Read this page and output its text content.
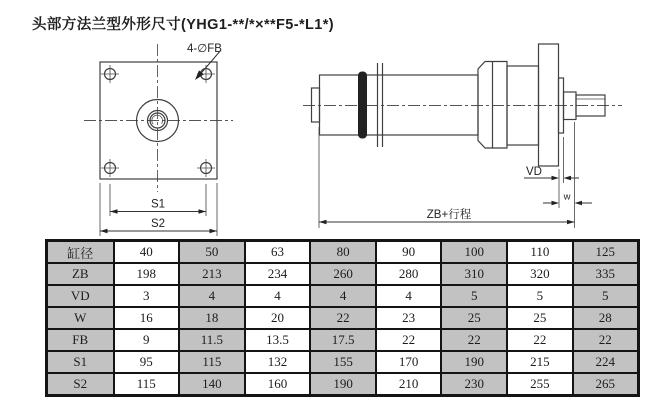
头部方法兰型外形尺寸(YHG1-**/*×**F5-*L1*)
4-∅FB
S1
S2
VD
w
ZB+行程
缸径	40	50	63	80	90	100	110	125
ZB	198	213	234	260	280	310	320	335
VD	3	4	4	4	4	5	5	5
W	16	18	20	22	23	25	25	28
FB	9	11.5	13.5	17.5	22	22	22	22
S1	95	115	132	155	170	190	215	224
S2	115	140	160	190	210	230	255	265
